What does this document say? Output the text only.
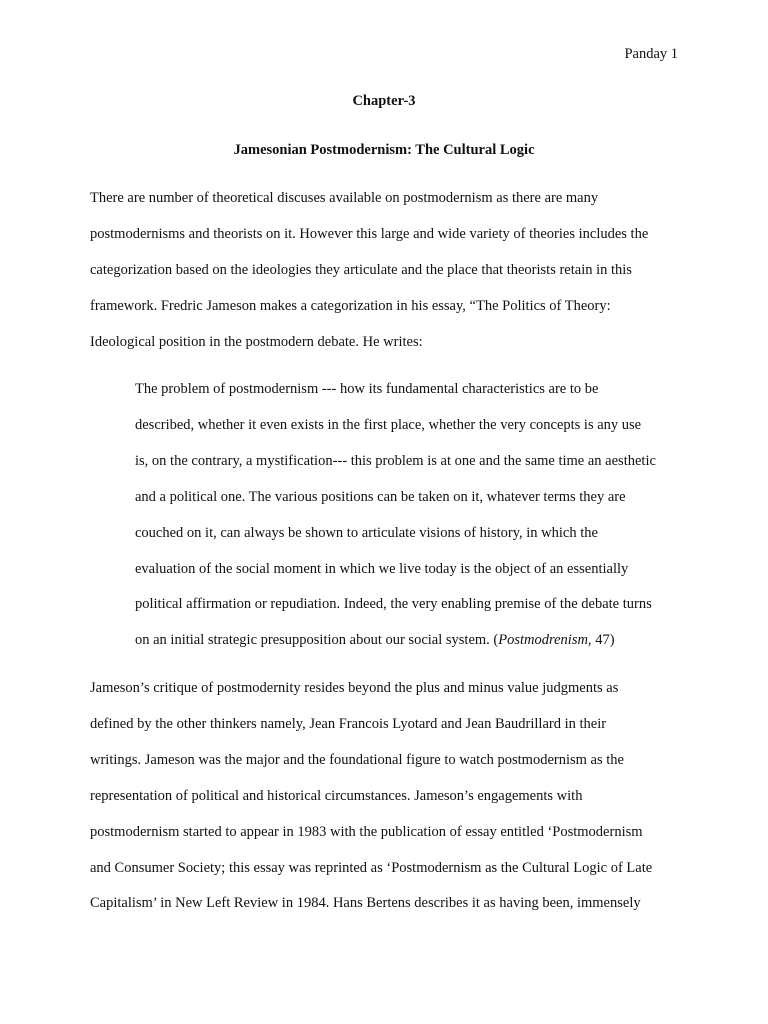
Panday 1
Chapter-3
Jamesonian Postmodernism: The Cultural Logic

There are number of theoretical discuses available on postmodernism as there are many
postmodernisms and theorists on it. However this large and wide variety of theories includes the
categorization based on the ideologies they articulate and the place that theorists retain in this
framework. Fredric Jameson makes a categorization in his essay, “The Politics of Theory:
Ideological position in the postmodern debate. He writes:

The problem of postmodernism --- how its fundamental characteristics are to be
described, whether it even exists in the first place, whether the very concepts is any use
is, on the contrary, a mystification--- this problem is at one and the same time an aesthetic
and a political one. The various positions can be taken on it, whatever terms they are
couched on it, can always be shown to articulate visions of history, in which the
evaluation of the social moment in which we live today is the object of an essentially
political affirmation or repudiation. Indeed, the very enabling premise of the debate turns
on an initial strategic presupposition about our social system. (Postmodrenism, 47)

Jameson’s critique of postmodernity resides beyond the plus and minus value judgments as
defined by the other thinkers namely, Jean Francois Lyotard and Jean Baudrillard in their
writings. Jameson was the major and the foundational figure to watch postmodernism as the
representation of political and historical circumstances. Jameson’s engagements with
postmodernism started to appear in 1983 with the publication of essay entitled ‘Postmodernism
and Consumer Society; this essay was reprinted as ‘Postmodernism as the Cultural Logic of Late
Capitalism’ in New Left Review in 1984. Hans Bertens describes it as having been, immensely
